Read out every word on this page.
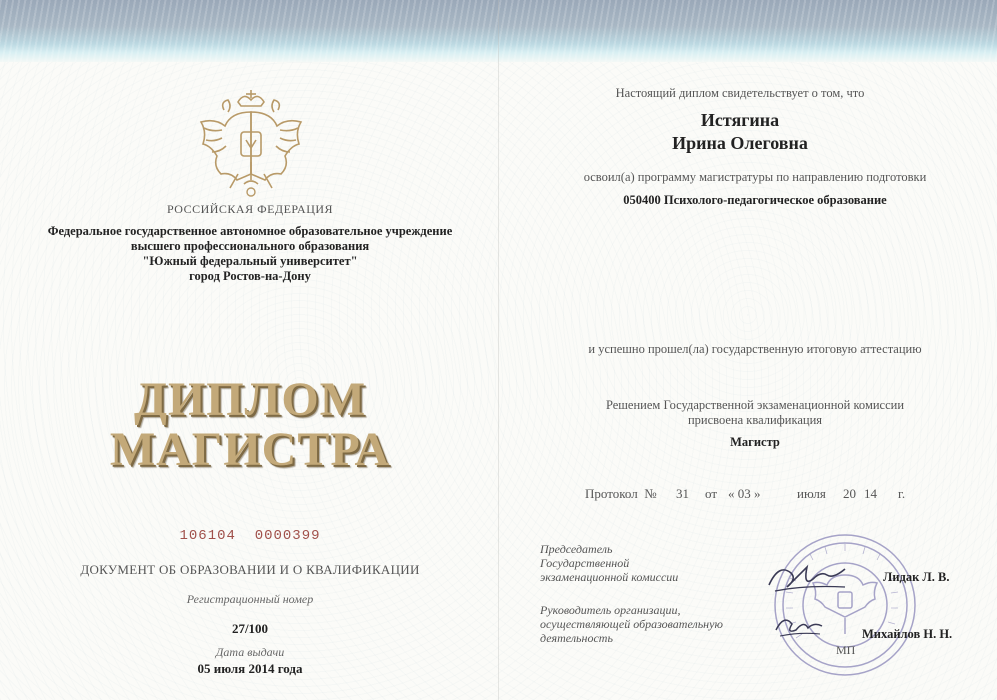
РОССИЙСКАЯ ФЕДЕРАЦИЯ
Федеральное государственное автономное образовательное учреждение
высшего профессионального образования
"Южный федеральный университет"
город Ростов-на-Дону
ДИПЛОМ
МАГИСТРА
106104  0000399
ДОКУМЕНТ ОБ ОБРАЗОВАНИИ И О КВАЛИФИКАЦИИ
Регистрационный номер
27/100
Дата выдачи
05 июля 2014 года
Настоящий диплом свидетельствует о том, что
Истягина
Ирина Олеговна
освоил(а) программу магистратуры по направлению подготовки
050400 Психолого-педагогическое образование
и успешно прошел(ла) государственную итоговую аттестацию
Решением Государственной экзаменационной комиссии
присвоена квалификация
Магистр
Протокол  № 31 от « 03 »	июля 20 14 г.
Председатель
Государственной
экзаменационной комиссии	Лидак Л. В.
Руководитель организации,
осуществляющей образовательную
деятельность	Михайлов Н. Н.
МП
